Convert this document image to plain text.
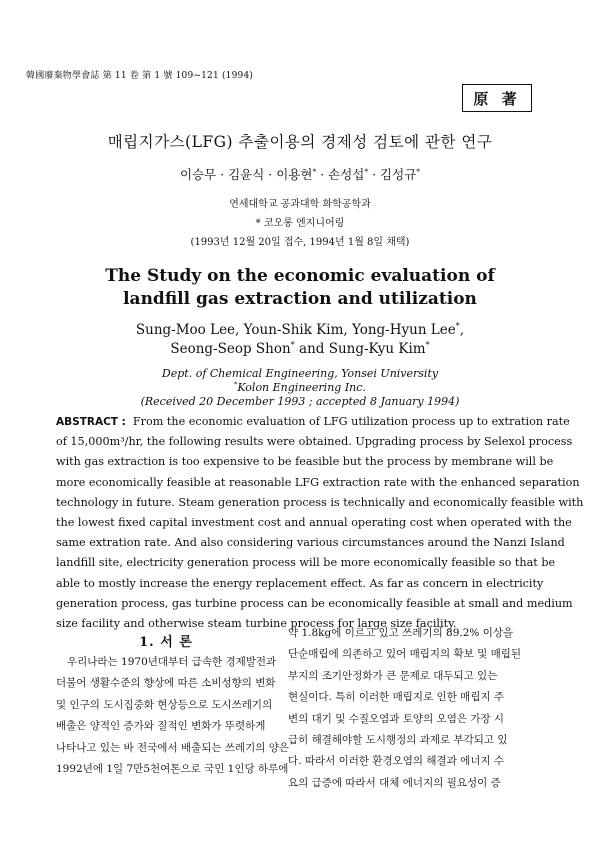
韓國廢棄物學會誌 第 11 卷 第 1 號 109~121 (1994)
原 著
매립지가스(LFG) 추출이용의 경제성 검토에 관한 연구
이승무 · 김윤식 · 이용현* · 손성섭* · 김성규*
연세대학교 공과대학 화학공학과
* 코오롱 엔지니어링
(1993년 12월 20일 접수, 1994년 1월 8일 채택)
The Study on the economic evaluation of
landfill gas extraction and utilization
Sung-Moo Lee, Youn-Shik Kim, Yong-Hyun Lee*,
Seong-Seop Shon* and Sung-Kyu Kim*
Dept. of Chemical Engineering, Yonsei University
*Kolon Engineering Inc.
(Received 20 December 1993 ; accepted 8 January 1994)
ABSTRACT : From the economic evaluation of LFG utilization process up to extration rate
of 15,000m³/hr, the following results were obtained. Upgrading process by Selexol process
with gas extraction is too expensive to be feasible but the process by membrane will be
more economically feasible at reasonable LFG extraction rate with the enhanced separation
technology in future. Steam generation process is technically and economically feasible with
the lowest fixed capital investment cost and annual operating cost when operated with the
same extration rate. And also considering various circumstances around the Nanzi Island
landfill site, electricity generation process will be more economically feasible so that be
able to mostly increase the energy replacement effect. As far as concern in electricity
generation process, gas turbine process can be economically feasible at small and medium
size facility and otherwise steam turbine process for large size facility.
1. 서 론
우리나라는 1970년대부터 급속한 경제발전과
더불어 생활수준의 향상에 따른 소비성향의 변화
및 인구의 도시집중화 현상등으로 도시쓰레기의
배출은 양적인 증가와 질적인 변화가 뚜렷하게
나타나고 있는 바 전국에서 배출되는 쓰레기의 양은
1992년에 1일 7만5천여톤으로 국민 1인당 하루에
약 1.8kg에 이르고 있고 쓰레기의 89.2% 이상을
단순매립에 의존하고 있어 매립지의 확보 및 매립된
부지의 조기안정화가 큰 문제로 대두되고 있는
현실이다. 특히 이러한 매립지로 인한 매립지 주
변의 대기 및 수질오염과 토양의 오염은 가장 시
급히 해결해야할 도시행정의 과제로 부각되고 있
다. 따라서 이러한 환경오염의 해결과 에너지 수
요의 급증에 따라서 대체 에너지의 필요성이 증
